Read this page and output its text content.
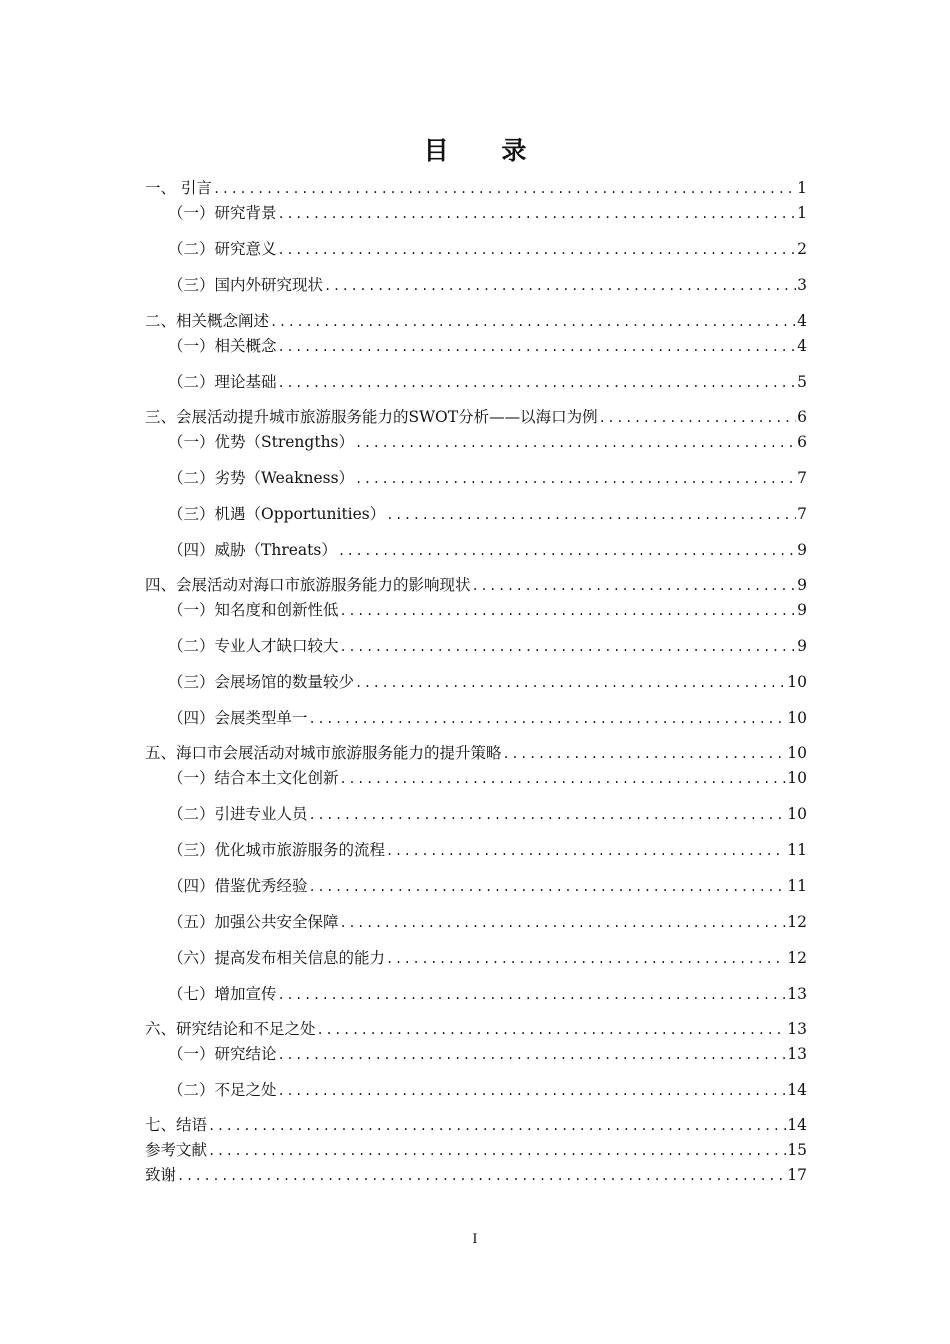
目 录
一、 引言 .....	1
（一）研究背景 .....	1
（二）研究意义 .....	2
（三）国内外研究现状 .....	3
二、相关概念阐述 .....	4
（一）相关概念 .....	4
（二）理论基础 .....	5
三、会展活动提升城市旅游服务能力的SWOT分析——以海口为例 .....	6
（一）优势（Strengths） .....	6
（二）劣势（Weakness） .....	7
（三）机遇（Opportunities） .....	7
（四）威胁（Threats） .....	9
四、会展活动对海口市旅游服务能力的影响现状 .....	9
（一）知名度和创新性低 .....	9
（二）专业人才缺口较大 .....	9
（三）会展场馆的数量较少 .....	10
（四）会展类型单一 .....	10
五、海口市会展活动对城市旅游服务能力的提升策略 .....	10
（一）结合本土文化创新 .....	10
（二）引进专业人员 .....	10
（三）优化城市旅游服务的流程 .....	11
（四）借鉴优秀经验 .....	11
（五）加强公共安全保障 .....	12
（六）提高发布相关信息的能力 .....	12
（七）增加宣传 .....	13
六、研究结论和不足之处 .....	13
（一）研究结论 .....	13
（二）不足之处 .....	14
七、结语 .....	14
参考文献 .....	15
致谢 .....	17
I
